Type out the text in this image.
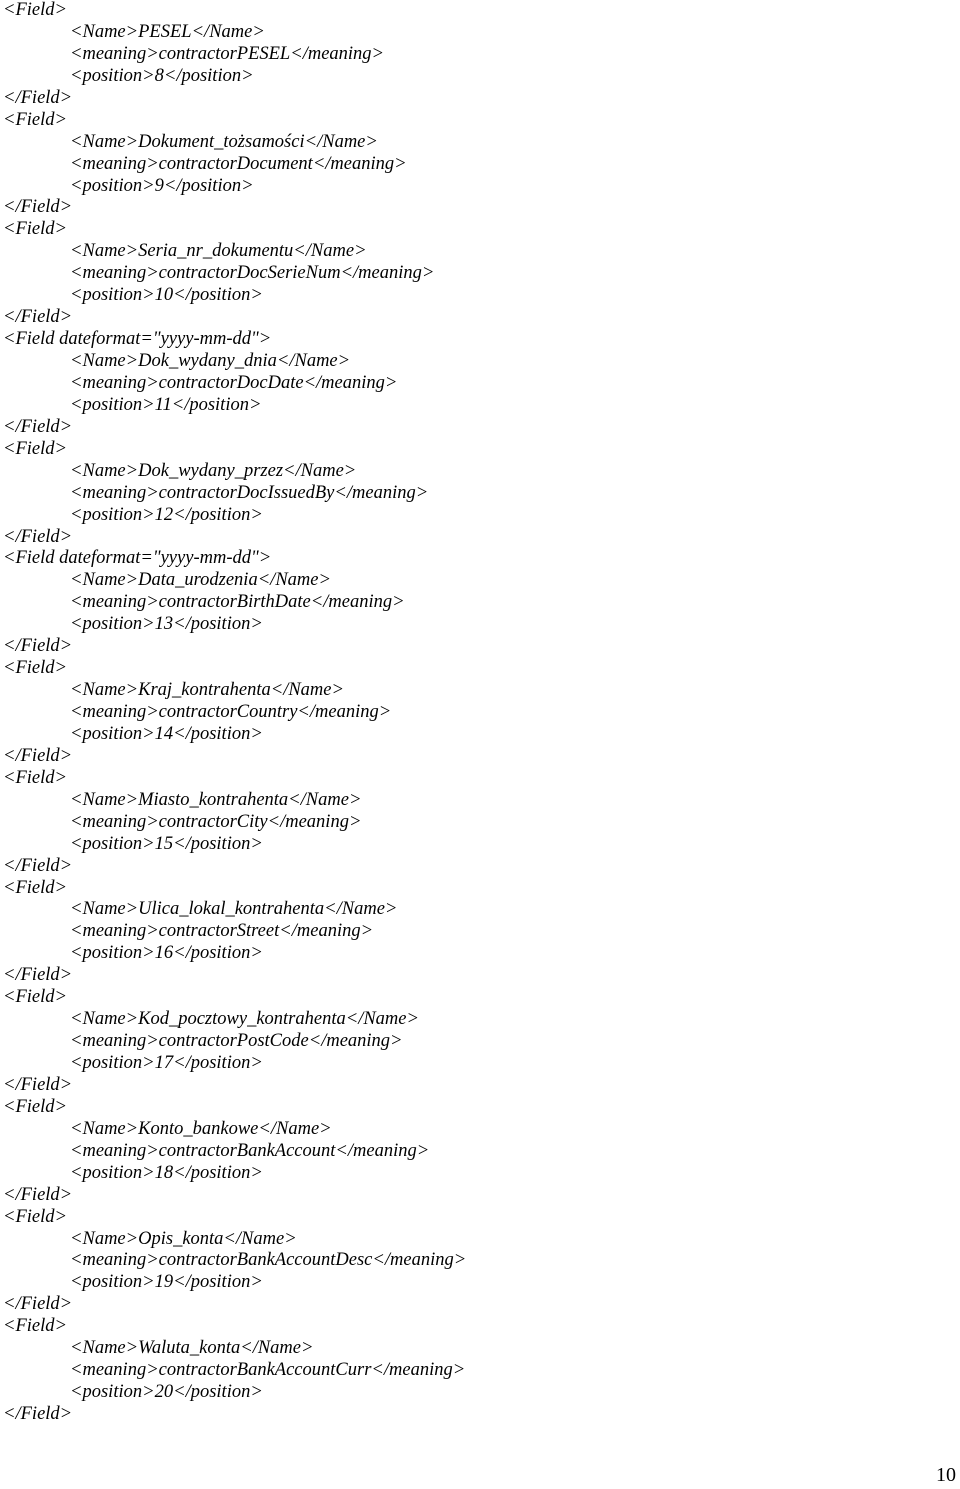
<Field>
<Name>PESEL</Name>
<meaning>contractorPESEL</meaning>
<position>8</position>
</Field>
<Field>
<Name>Dokument_tożsamości</Name>
<meaning>contractorDocument</meaning>
<position>9</position>
</Field>
<Field>
<Name>Seria_nr_dokumentu</Name>
<meaning>contractorDocSerieNum</meaning>
<position>10</position>
</Field>
<Field dateformat="yyyy-mm-dd">
<Name>Dok_wydany_dnia</Name>
<meaning>contractorDocDate</meaning>
<position>11</position>
</Field>
<Field>
<Name>Dok_wydany_przez</Name>
<meaning>contractorDocIssuedBy</meaning>
<position>12</position>
</Field>
<Field dateformat="yyyy-mm-dd">
<Name>Data_urodzenia</Name>
<meaning>contractorBirthDate</meaning>
<position>13</position>
</Field>
<Field>
<Name>Kraj_kontrahenta</Name>
<meaning>contractorCountry</meaning>
<position>14</position>
</Field>
<Field>
<Name>Miasto_kontrahenta</Name>
<meaning>contractorCity</meaning>
<position>15</position>
</Field>
<Field>
<Name>Ulica_lokal_kontrahenta</Name>
<meaning>contractorStreet</meaning>
<position>16</position>
</Field>
<Field>
<Name>Kod_pocztowy_kontrahenta</Name>
<meaning>contractorPostCode</meaning>
<position>17</position>
</Field>
<Field>
<Name>Konto_bankowe</Name>
<meaning>contractorBankAccount</meaning>
<position>18</position>
</Field>
<Field>
<Name>Opis_konta</Name>
<meaning>contractorBankAccountDesc</meaning>
<position>19</position>
</Field>
<Field>
<Name>Waluta_konta</Name>
<meaning>contractorBankAccountCurr</meaning>
<position>20</position>
</Field>
10
